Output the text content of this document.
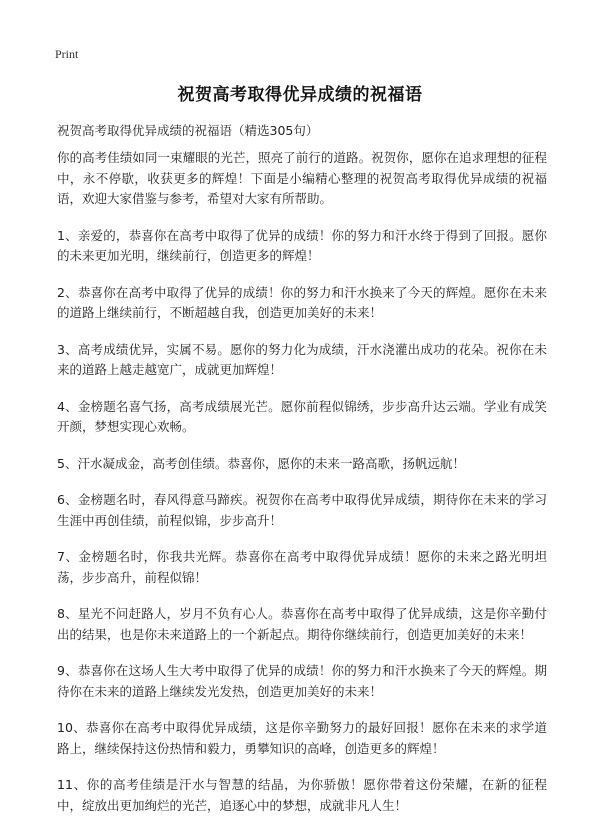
Print
祝贺高考取得优异成绩的祝福语

祝贺高考取得优异成绩的祝福语（精选305句）

你的高考佳绩如同一束耀眼的光芒，照亮了前行的道路。祝贺你，愿你在追求理想的征程中，永不停歇，收获更多的辉煌！下面是小编精心整理的祝贺高考取得优异成绩的祝福语，欢迎大家借鉴与参考，希望对大家有所帮助。

1、亲爱的，恭喜你在高考中取得了优异的成绩！你的努力和汗水终于得到了回报。愿你的未来更加光明，继续前行，创造更多的辉煌！

2、恭喜你在高考中取得了优异的成绩！你的努力和汗水换来了今天的辉煌。愿你在未来的道路上继续前行，不断超越自我，创造更加美好的未来！

3、高考成绩优异，实属不易。愿你的努力化为成绩，汗水浇灌出成功的花朵。祝你在未来的道路上越走越宽广，成就更加辉煌！

4、金榜题名喜气扬，高考成绩展光芒。愿你前程似锦绣，步步高升达云端。学业有成笑开颜，梦想实现心欢畅。

5、汗水凝成金，高考创佳绩。恭喜你，愿你的未来一路高歌，扬帆远航！

6、金榜题名时，春风得意马蹄疾。祝贺你在高考中取得优异成绩，期待你在未来的学习生涯中再创佳绩，前程似锦，步步高升！

7、金榜题名时，你我共光辉。恭喜你在高考中取得优异成绩！愿你的未来之路光明坦荡，步步高升，前程似锦！

8、星光不问赶路人，岁月不负有心人。恭喜你在高考中取得了优异成绩，这是你辛勤付出的结果，也是你未来道路上的一个新起点。期待你继续前行，创造更加美好的未来！

9、恭喜你在这场人生大考中取得了优异的成绩！你的努力和汗水换来了今天的辉煌。期待你在未来的道路上继续发光发热，创造更加美好的未来！

10、恭喜你在高考中取得优异成绩，这是你辛勤努力的最好回报！愿你在未来的求学道路上，继续保持这份热情和毅力，勇攀知识的高峰，创造更多的辉煌！

11、你的高考佳绩是汗水与智慧的结晶，为你骄傲！愿你带着这份荣耀，在新的征程中，绽放出更加绚烂的光芒，追逐心中的梦想，成就非凡人生！
